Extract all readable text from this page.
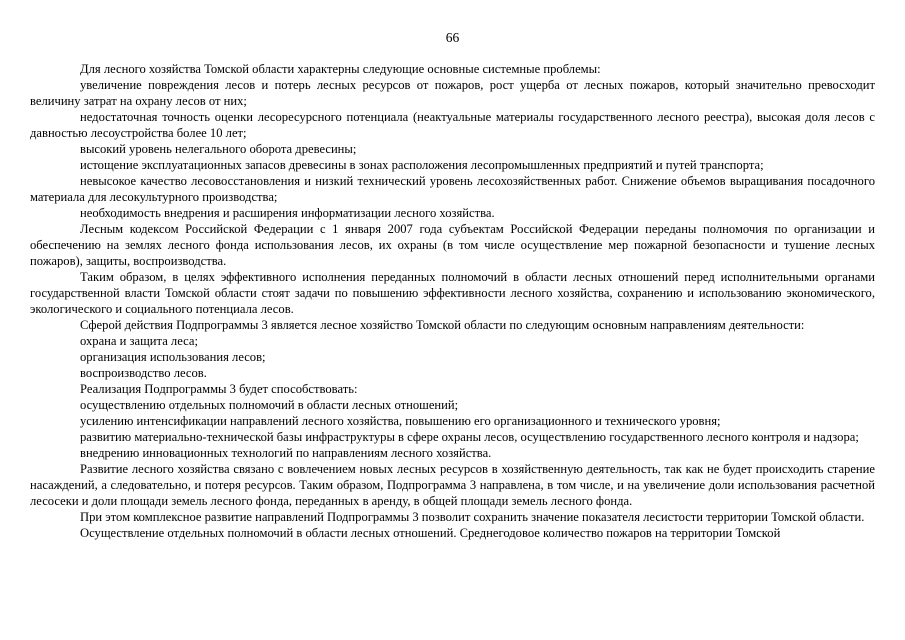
66

Для лесного хозяйства Томской области характерны следующие основные системные проблемы:

увеличение повреждения лесов и потерь лесных ресурсов от пожаров, рост ущерба от лесных пожаров, который значительно превосходит величину затрат на охрану лесов от них;

недостаточная точность оценки лесоресурсного потенциала (неактуальные материалы государственного лесного реестра), высокая доля лесов с давностью лесоустройства более 10 лет;

высокий уровень нелегального оборота древесины;

истощение эксплуатационных запасов древесины в зонах расположения лесопромышленных предприятий и путей транспорта;

невысокое качество лесовосстановления и низкий технический уровень лесохозяйственных работ. Снижение объемов выращивания посадочного материала для лесокультурного производства;

необходимость внедрения и расширения информатизации лесного хозяйства.

Лесным кодексом Российской Федерации с 1 января 2007 года субъектам Российской Федерации переданы полномочия по организации и обеспечению на землях лесного фонда использования лесов, их охраны (в том числе осуществление мер пожарной безопасности и тушение лесных пожаров), защиты, воспроизводства.

Таким образом, в целях эффективного исполнения переданных полномочий в области лесных отношений перед исполнительными органами государственной власти Томской области стоят задачи по повышению эффективности лесного хозяйства, сохранению и использованию экономического, экологического и социального потенциала лесов.

Сферой действия Подпрограммы 3 является лесное хозяйство Томской области по следующим основным направлениям деятельности:

охрана и защита леса;

организация использования лесов;

воспроизводство лесов.

Реализация Подпрограммы 3 будет способствовать:

осуществлению отдельных полномочий в области лесных отношений;

усилению интенсификации направлений лесного хозяйства, повышению его организационного и технического уровня;

развитию материально-технической базы инфраструктуры в сфере охраны лесов, осуществлению государственного лесного контроля и надзора;

внедрению инновационных технологий по направлениям лесного хозяйства.

Развитие лесного хозяйства связано с вовлечением новых лесных ресурсов в хозяйственную деятельность, так как не будет происходить старение насаждений, а следовательно, и потеря ресурсов. Таким образом, Подпрограмма 3 направлена, в том числе, и на увеличение доли использования расчетной лесосеки и доли площади земель лесного фонда, переданных в аренду, в общей площади земель лесного фонда.

При этом комплексное развитие направлений Подпрограммы 3 позволит сохранить значение показателя лесистости территории Томской области.

Осуществление отдельных полномочий в области лесных отношений. Среднегодовое количество пожаров на территории Томской
